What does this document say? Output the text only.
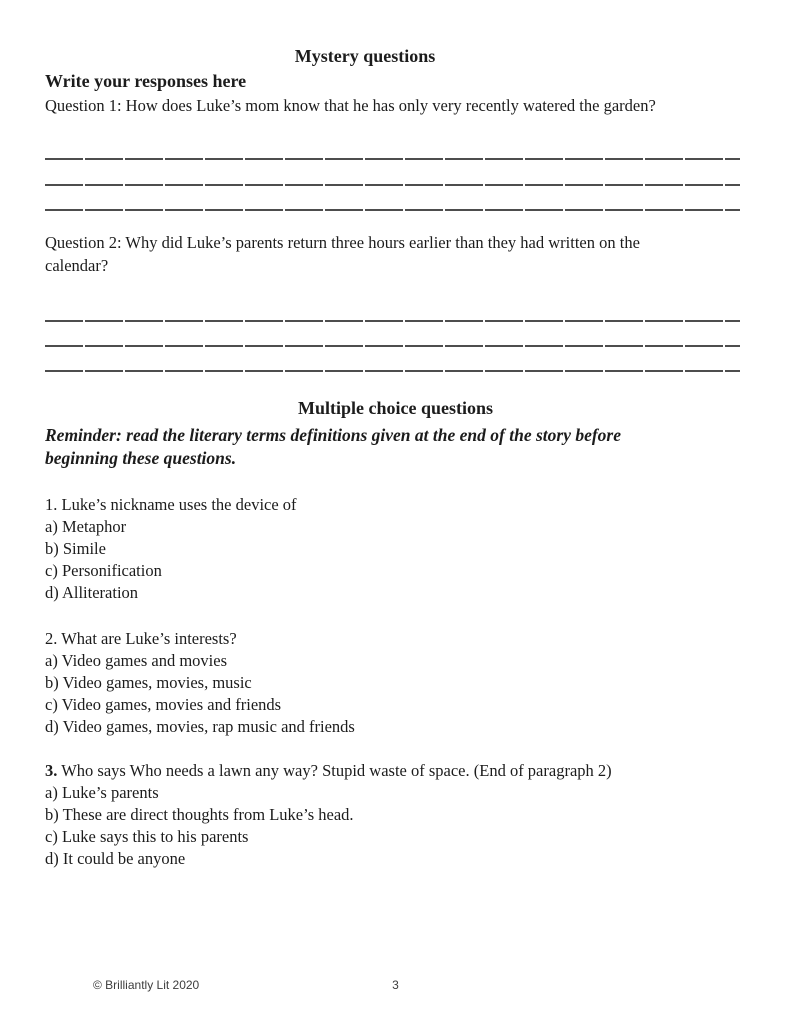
Mystery questions
Write your responses here

Question 1: How does Luke’s mom know that he has only very recently watered the garden?

Question 2: Why did Luke’s parents return three hours earlier than they had written on the
calendar?

Multiple choice questions

Reminder: read the literary terms definitions given at the end of the story before
beginning these questions.

1. Luke’s nickname uses the device of
a) Metaphor
b) Simile
c) Personification
d) Alliteration
2. What are Luke’s interests?
a) Video games and movies
b) Video games, movies, music
c) Video games, movies and friends
d) Video games, movies, rap music and friends
3. Who says Who needs a lawn any way? Stupid waste of space. (End of paragraph 2)
a) Luke’s parents
b) These are direct thoughts from Luke’s head.
c) Luke says this to his parents
d) It could be anyone
© Brilliantly Lit 2020	3
